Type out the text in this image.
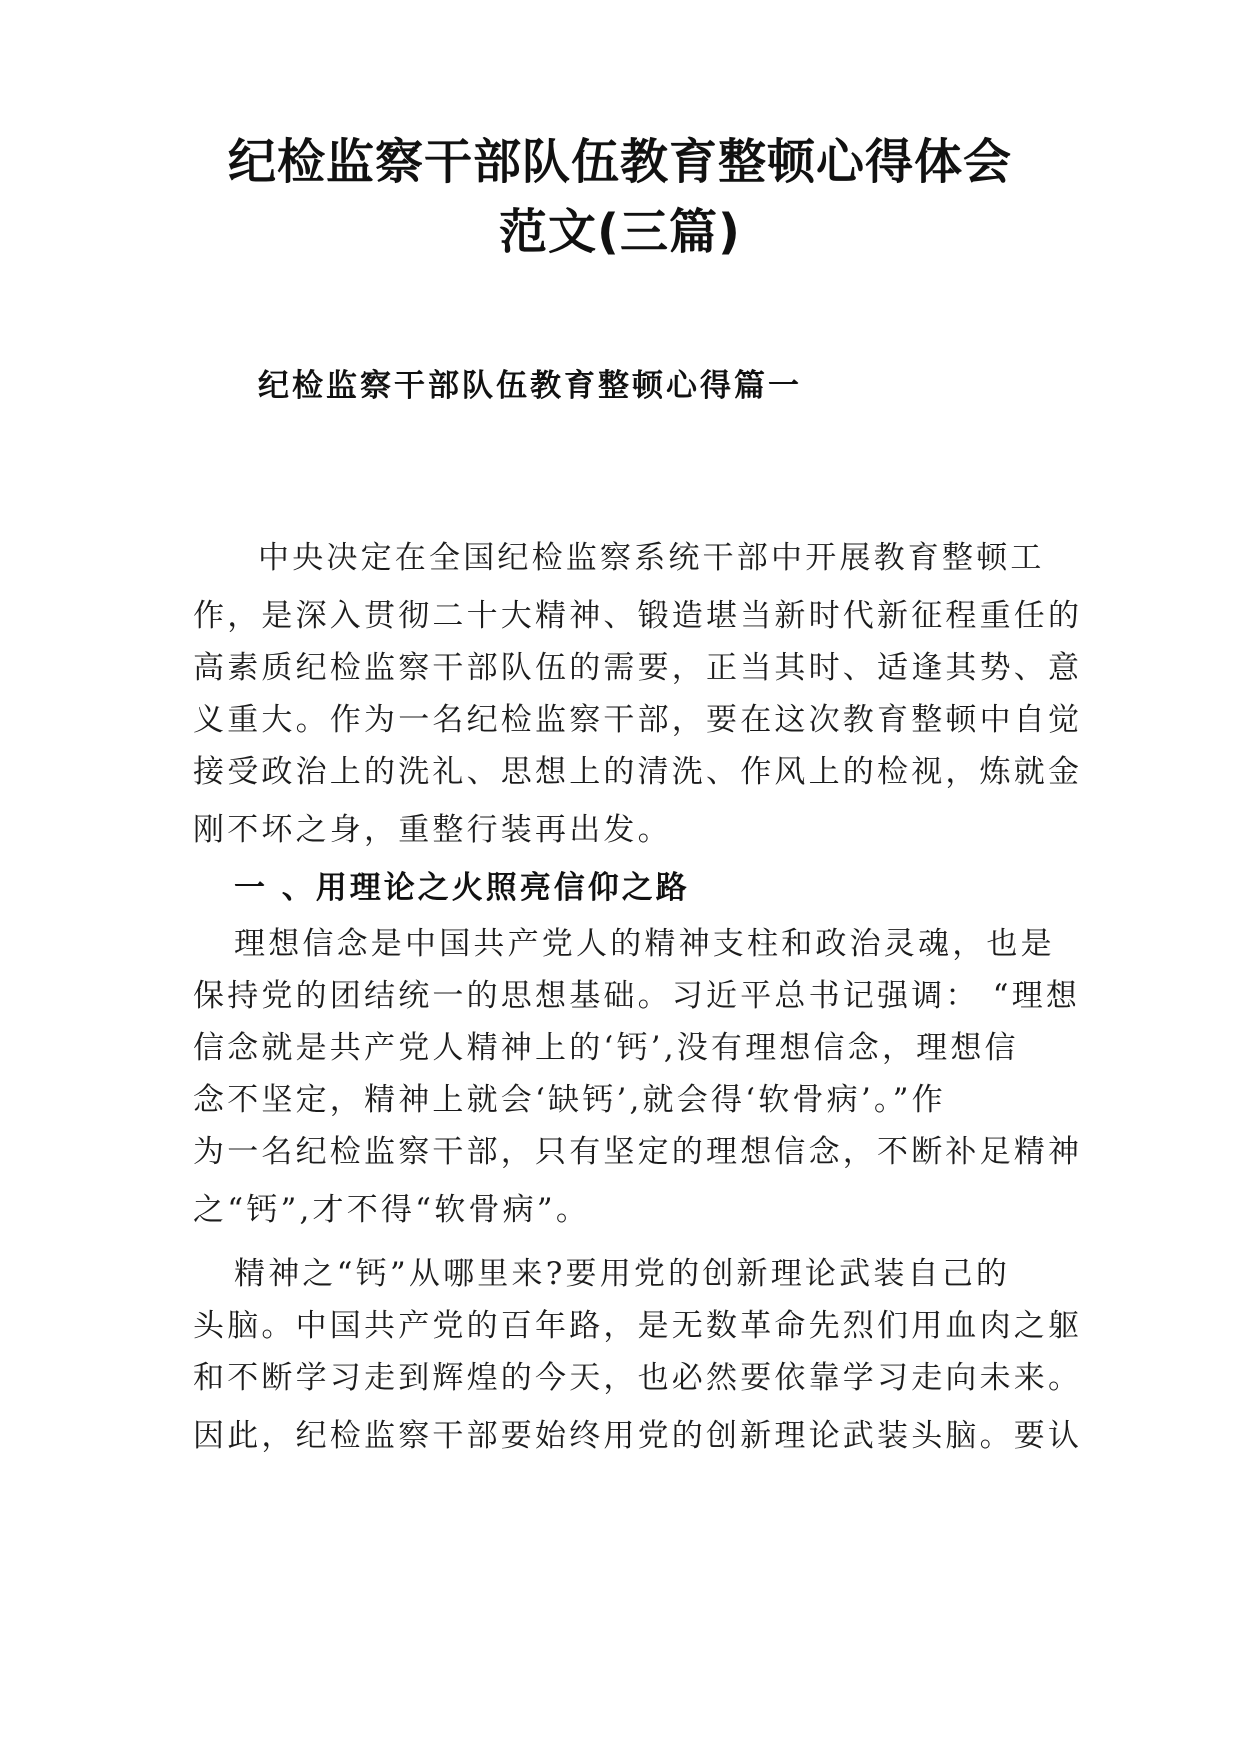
纪检监察干部队伍教育整顿心得体会
范文(三篇)
纪检监察干部队伍教育整顿心得篇一
中央决定在全国纪检监察系统干部中开展教育整顿工
作，是深入贯彻二十大精神、锻造堪当新时代新征程重任的
高素质纪检监察干部队伍的需要，正当其时、适逢其势、意
义重大。作为一名纪检监察干部，要在这次教育整顿中自觉
接受政治上的洗礼、思想上的清洗、作风上的检视，炼就金
刚不坏之身，重整行装再出发。
一 、用理论之火照亮信仰之路
理想信念是中国共产党人的精神支柱和政治灵魂，也是
保持党的团结统一的思想基础。习近平总书记强调： “理想
信念就是共产党人精神上的‘钙’,没有理想信念，理想信
念不坚定，精神上就会‘缺钙’,就会得‘软骨病’。”作
为一名纪检监察干部，只有坚定的理想信念，不断补足精神
之“钙”,才不得“软骨病”。
精神之“钙”从哪里来?要用党的创新理论武装自己的
头脑。中国共产党的百年路，是无数革命先烈们用血肉之躯
和不断学习走到辉煌的今天，也必然要依靠学习走向未来。
因此，纪检监察干部要始终用党的创新理论武装头脑。要认
